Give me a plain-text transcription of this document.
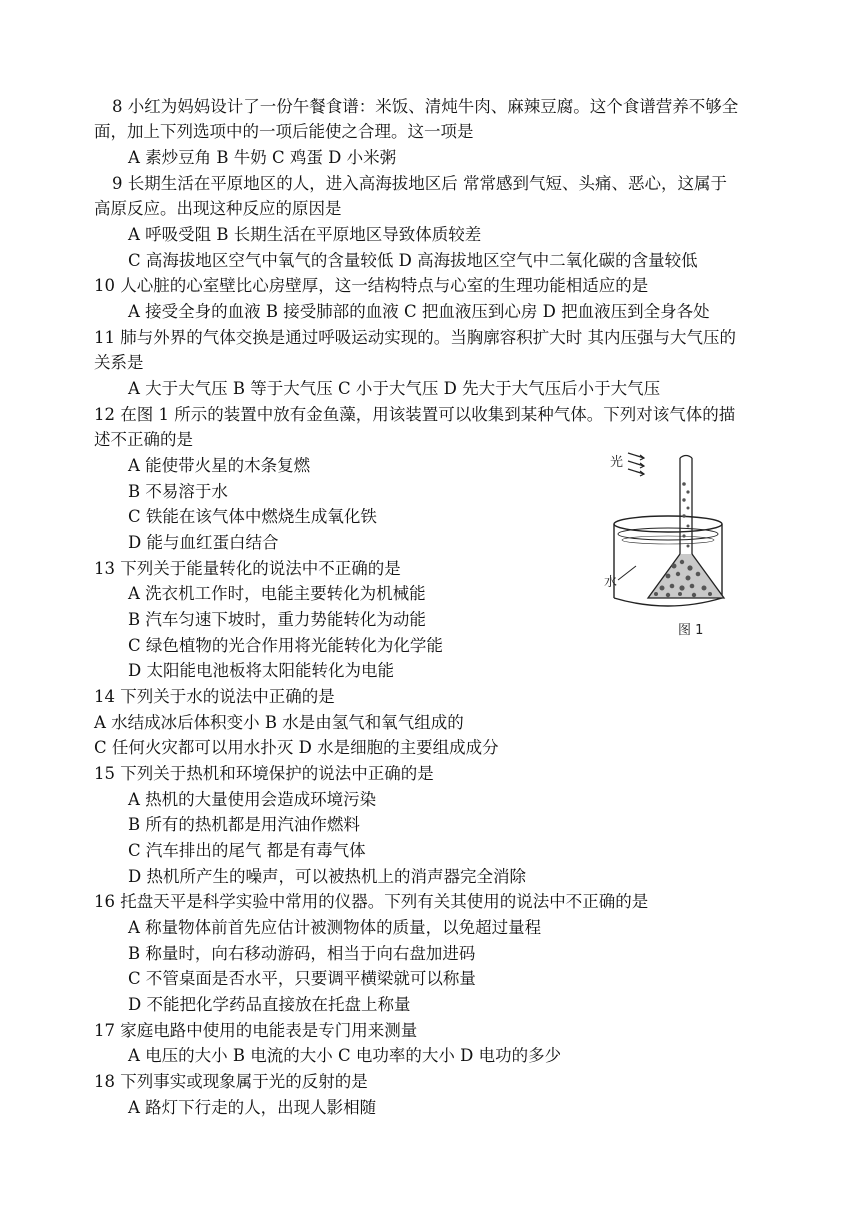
8 小红为妈妈设计了一份午餐食谱：米饭、清炖牛肉、麻辣豆腐。这个食谱营养不够全
面，加上下列选项中的一项后能使之合理。这一项是
A 素炒豆角 B 牛奶 C 鸡蛋 D 小米粥
9 长期生活在平原地区的人，进入高海拔地区后 常常感到气短、头痛、恶心，这属于
高原反应。出现这种反应的原因是
A 呼吸受阻 B 长期生活在平原地区导致体质较差
C 高海拔地区空气中氧气的含量较低 D 高海拔地区空气中二氧化碳的含量较低
10 人心脏的心室壁比心房壁厚，这一结构特点与心室的生理功能相适应的是
A 接受全身的血液 B 接受肺部的血液 C 把血液压到心房 D 把血液压到全身各处
11 肺与外界的气体交换是通过呼吸运动实现的。当胸廓容积扩大时 其内压强与大气压的
关系是
A 大于大气压 B 等于大气压 C 小于大气压 D 先大于大气压后小于大气压
12 在图 1 所示的装置中放有金鱼藻，用该装置可以收集到某种气体。下列对该气体的描
述不正确的是
A 能使带火星的木条复燃
B 不易溶于水
C 铁能在该气体中燃烧生成氧化铁
D 能与血红蛋白结合
13 下列关于能量转化的说法中不正确的是
A 洗衣机工作时，电能主要转化为机械能
B 汽车匀速下坡时，重力势能转化为动能
C 绿色植物的光合作用将光能转化为化学能
D 太阳能电池板将太阳能转化为电能
14 下列关于水的说法中正确的是
A 水结成冰后体积变小 B 水是由氢气和氧气组成的
C 任何火灾都可以用水扑灭 D 水是细胞的主要组成成分
15 下列关于热机和环境保护的说法中正确的是
A 热机的大量使用会造成环境污染
B 所有的热机都是用汽油作燃料
C 汽车排出的尾气 都是有毒气体
D 热机所产生的噪声，可以被热机上的消声器完全消除
16 托盘天平是科学实验中常用的仪器。下列有关其使用的说法中不正确的是
A 称量物体前首先应估计被测物体的质量，以免超过量程
B 称量时，向右移动游码，相当于向右盘加进码
C 不管桌面是否水平，只要调平横梁就可以称量
D 不能把化学药品直接放在托盘上称量
17 家庭电路中使用的电能表是专门用来测量
A 电压的大小 B 电流的大小 C 电功率的大小 D 电功的多少
18 下列事实或现象属于光的反射的是
A 路灯下行走的人，出现人影相随
光
水
图 1
